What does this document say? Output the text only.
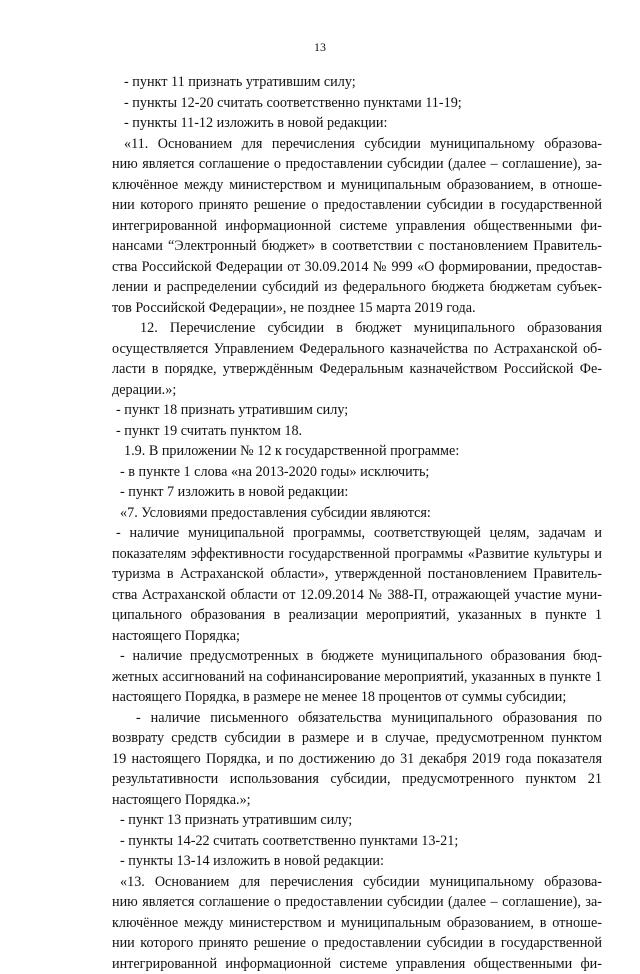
13
- пункт 11 признать утратившим силу;
- пункты 12-20 считать соответственно пунктами 11-19;
- пункты 11-12 изложить в новой редакции:
«11. Основанием для перечисления субсидии муниципальному образова-
нию является соглашение о предоставлении субсидии (далее – соглашение), за-
ключённое между министерством и муниципальным образованием, в отноше-
нии которого принято решение о предоставлении субсидии в государственной
интегрированной информационной системе управления общественными фи-
нансами “Электронный бюджет» в соответствии с постановлением Правитель-
ства Российской Федерации от 30.09.2014 № 999 «О формировании, предостав-
лении и распределении субсидий из федерального бюджета бюджетам субъек-
тов Российской Федерации», не позднее 15 марта 2019 года.
12. Перечисление субсидии в бюджет муниципального образования
осуществляется Управлением Федерального казначейства по Астраханской об-
ласти в порядке, утверждённым Федеральным казначейством Российской Фе-
дерации.»;
- пункт 18 признать утратившим силу;
- пункт 19 считать пунктом 18.
1.9. В приложении № 12 к государственной программе:
- в пункте 1 слова «на 2013-2020 годы» исключить;
- пункт 7 изложить в новой редакции:
«7. Условиями предоставления субсидии являются:
- наличие муниципальной программы, соответствующей целям, задачам и
показателям эффективности государственной программы «Развитие культуры и
туризма в Астраханской области», утвержденной постановлением Правитель-
ства Астраханской области от 12.09.2014 № 388-П, отражающей участие муни-
ципального образования в реализации мероприятий, указанных в пункте 1
настоящего Порядка;
- наличие предусмотренных в бюджете муниципального образования бюд-
жетных ассигнований на софинансирование мероприятий, указанных в пункте 1
настоящего Порядка, в размере не менее 18 процентов от суммы субсидии;
- наличие письменного обязательства муниципального образования по
возврату средств субсидии в размере и в случае, предусмотренном пунктом
19 настоящего Порядка, и по достижению до 31 декабря 2019 года показателя
результативности использования субсидии, предусмотренного пунктом 21
настоящего Порядка.»;
- пункт 13 признать утратившим силу;
- пункты 14-22 считать соответственно пунктами 13-21;
- пункты 13-14 изложить в новой редакции:
«13. Основанием для перечисления субсидии муниципальному образова-
нию является соглашение о предоставлении субсидии (далее – соглашение), за-
ключённое между министерством и муниципальным образованием, в отноше-
нии которого принято решение о предоставлении субсидии в государственной
интегрированной информационной системе управления общественными фи-
